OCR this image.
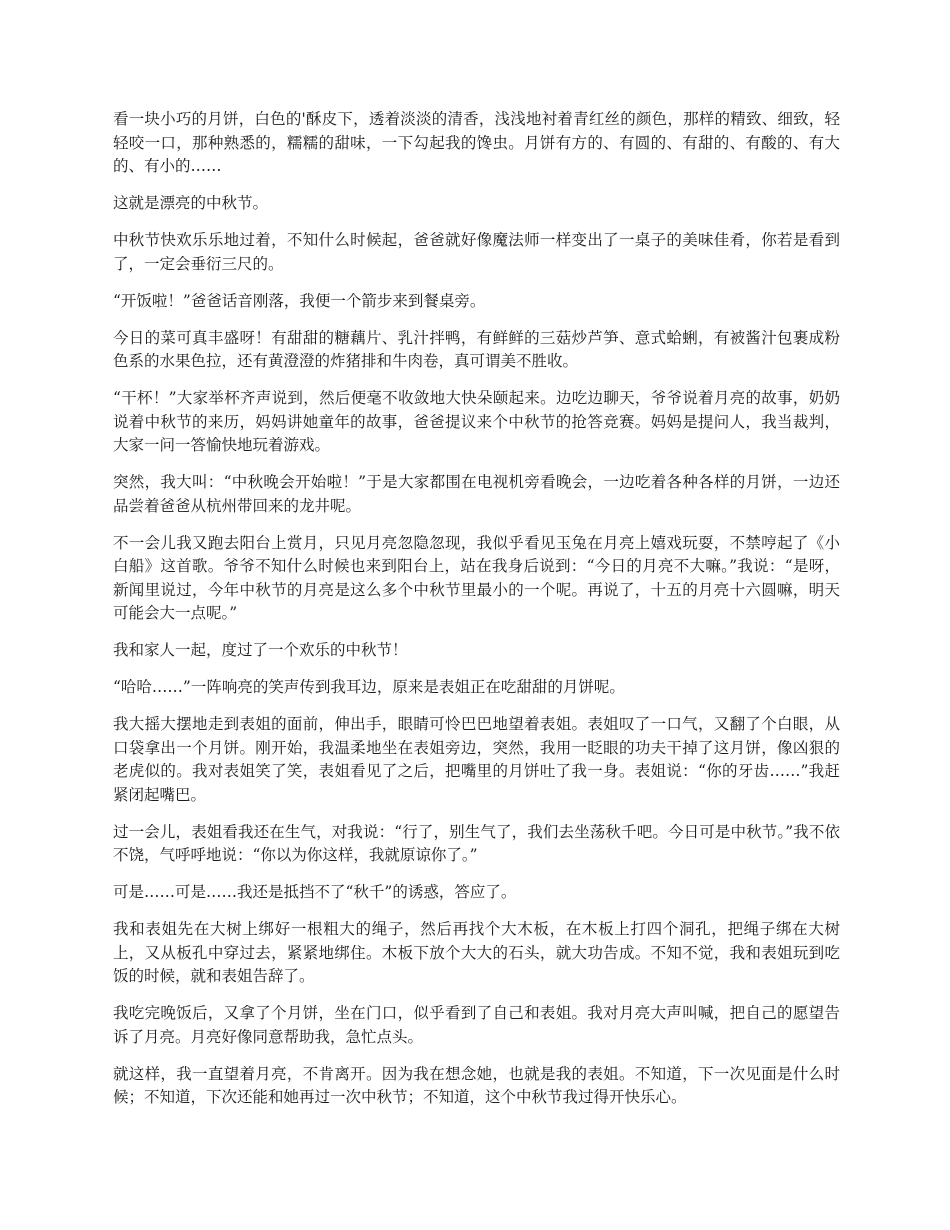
看一块小巧的月饼，白色的'酥皮下，透着淡淡的清香，浅浅地衬着青红丝的颜色，那样的精致、细致，轻轻咬一口，那种熟悉的，糯糯的甜味，一下勾起我的馋虫。月饼有方的、有圆的、有甜的、有酸的、有大的、有小的……

这就是漂亮的中秋节。

中秋节快欢乐乐地过着，不知什么时候起，爸爸就好像魔法师一样变出了一桌子的美味佳肴，你若是看到了，一定会垂衍三尺的。

“开饭啦！”爸爸话音刚落，我便一个箭步来到餐桌旁。

今日的菜可真丰盛呀！有甜甜的糖藕片、乳汁拌鸭，有鲜鲜的三菇炒芦笋、意式蛤蜊，有被酱汁包裹成粉色系的水果色拉，还有黄澄澄的炸猪排和牛肉卷，真可谓美不胜收。

“干杯！”大家举杯齐声说到，然后便毫不收敛地大快朵颐起来。边吃边聊天，爷爷说着月亮的故事，奶奶说着中秋节的来历，妈妈讲她童年的故事，爸爸提议来个中秋节的抢答竞赛。妈妈是提问人，我当裁判，大家一问一答愉快地玩着游戏。

突然，我大叫：“中秋晚会开始啦！”于是大家都围在电视机旁看晚会，一边吃着各种各样的月饼，一边还品尝着爸爸从杭州带回来的龙井呢。

不一会儿我又跑去阳台上赏月，只见月亮忽隐忽现，我似乎看见玉兔在月亮上嬉戏玩耍，不禁哼起了《小白船》这首歌。爷爷不知什么时候也来到阳台上，站在我身后说到：“今日的月亮不大嘛。”我说：“是呀，新闻里说过，今年中秋节的月亮是这么多个中秋节里最小的一个呢。再说了，十五的月亮十六圆嘛，明天可能会大一点呢。”

我和家人一起，度过了一个欢乐的中秋节！

“哈哈……”一阵响亮的笑声传到我耳边，原来是表姐正在吃甜甜的月饼呢。

我大摇大摆地走到表姐的面前，伸出手，眼睛可怜巴巴地望着表姐。表姐叹了一口气，又翻了个白眼，从口袋拿出一个月饼。刚开始，我温柔地坐在表姐旁边，突然，我用一眨眼的功夫干掉了这月饼，像凶狠的老虎似的。我对表姐笑了笑，表姐看见了之后，把嘴里的月饼吐了我一身。表姐说：“你的牙齿……”我赶紧闭起嘴巴。

过一会儿，表姐看我还在生气，对我说：“行了，别生气了，我们去坐荡秋千吧。今日可是中秋节。”我不依不饶，气呼呼地说：“你以为你这样，我就原谅你了。”

可是……可是……我还是抵挡不了“秋千”的诱惑，答应了。

我和表姐先在大树上绑好一根粗大的绳子，然后再找个大木板，在木板上打四个洞孔，把绳子绑在大树上，又从板孔中穿过去，紧紧地绑住。木板下放个大大的石头，就大功告成。不知不觉，我和表姐玩到吃饭的时候，就和表姐告辞了。

我吃完晚饭后，又拿了个月饼，坐在门口，似乎看到了自己和表姐。我对月亮大声叫喊，把自己的愿望告诉了月亮。月亮好像同意帮助我，急忙点头。

就这样，我一直望着月亮，不肯离开。因为我在想念她，也就是我的表姐。不知道，下一次见面是什么时候；不知道，下次还能和她再过一次中秋节；不知道，这个中秋节我过得开快乐心。
